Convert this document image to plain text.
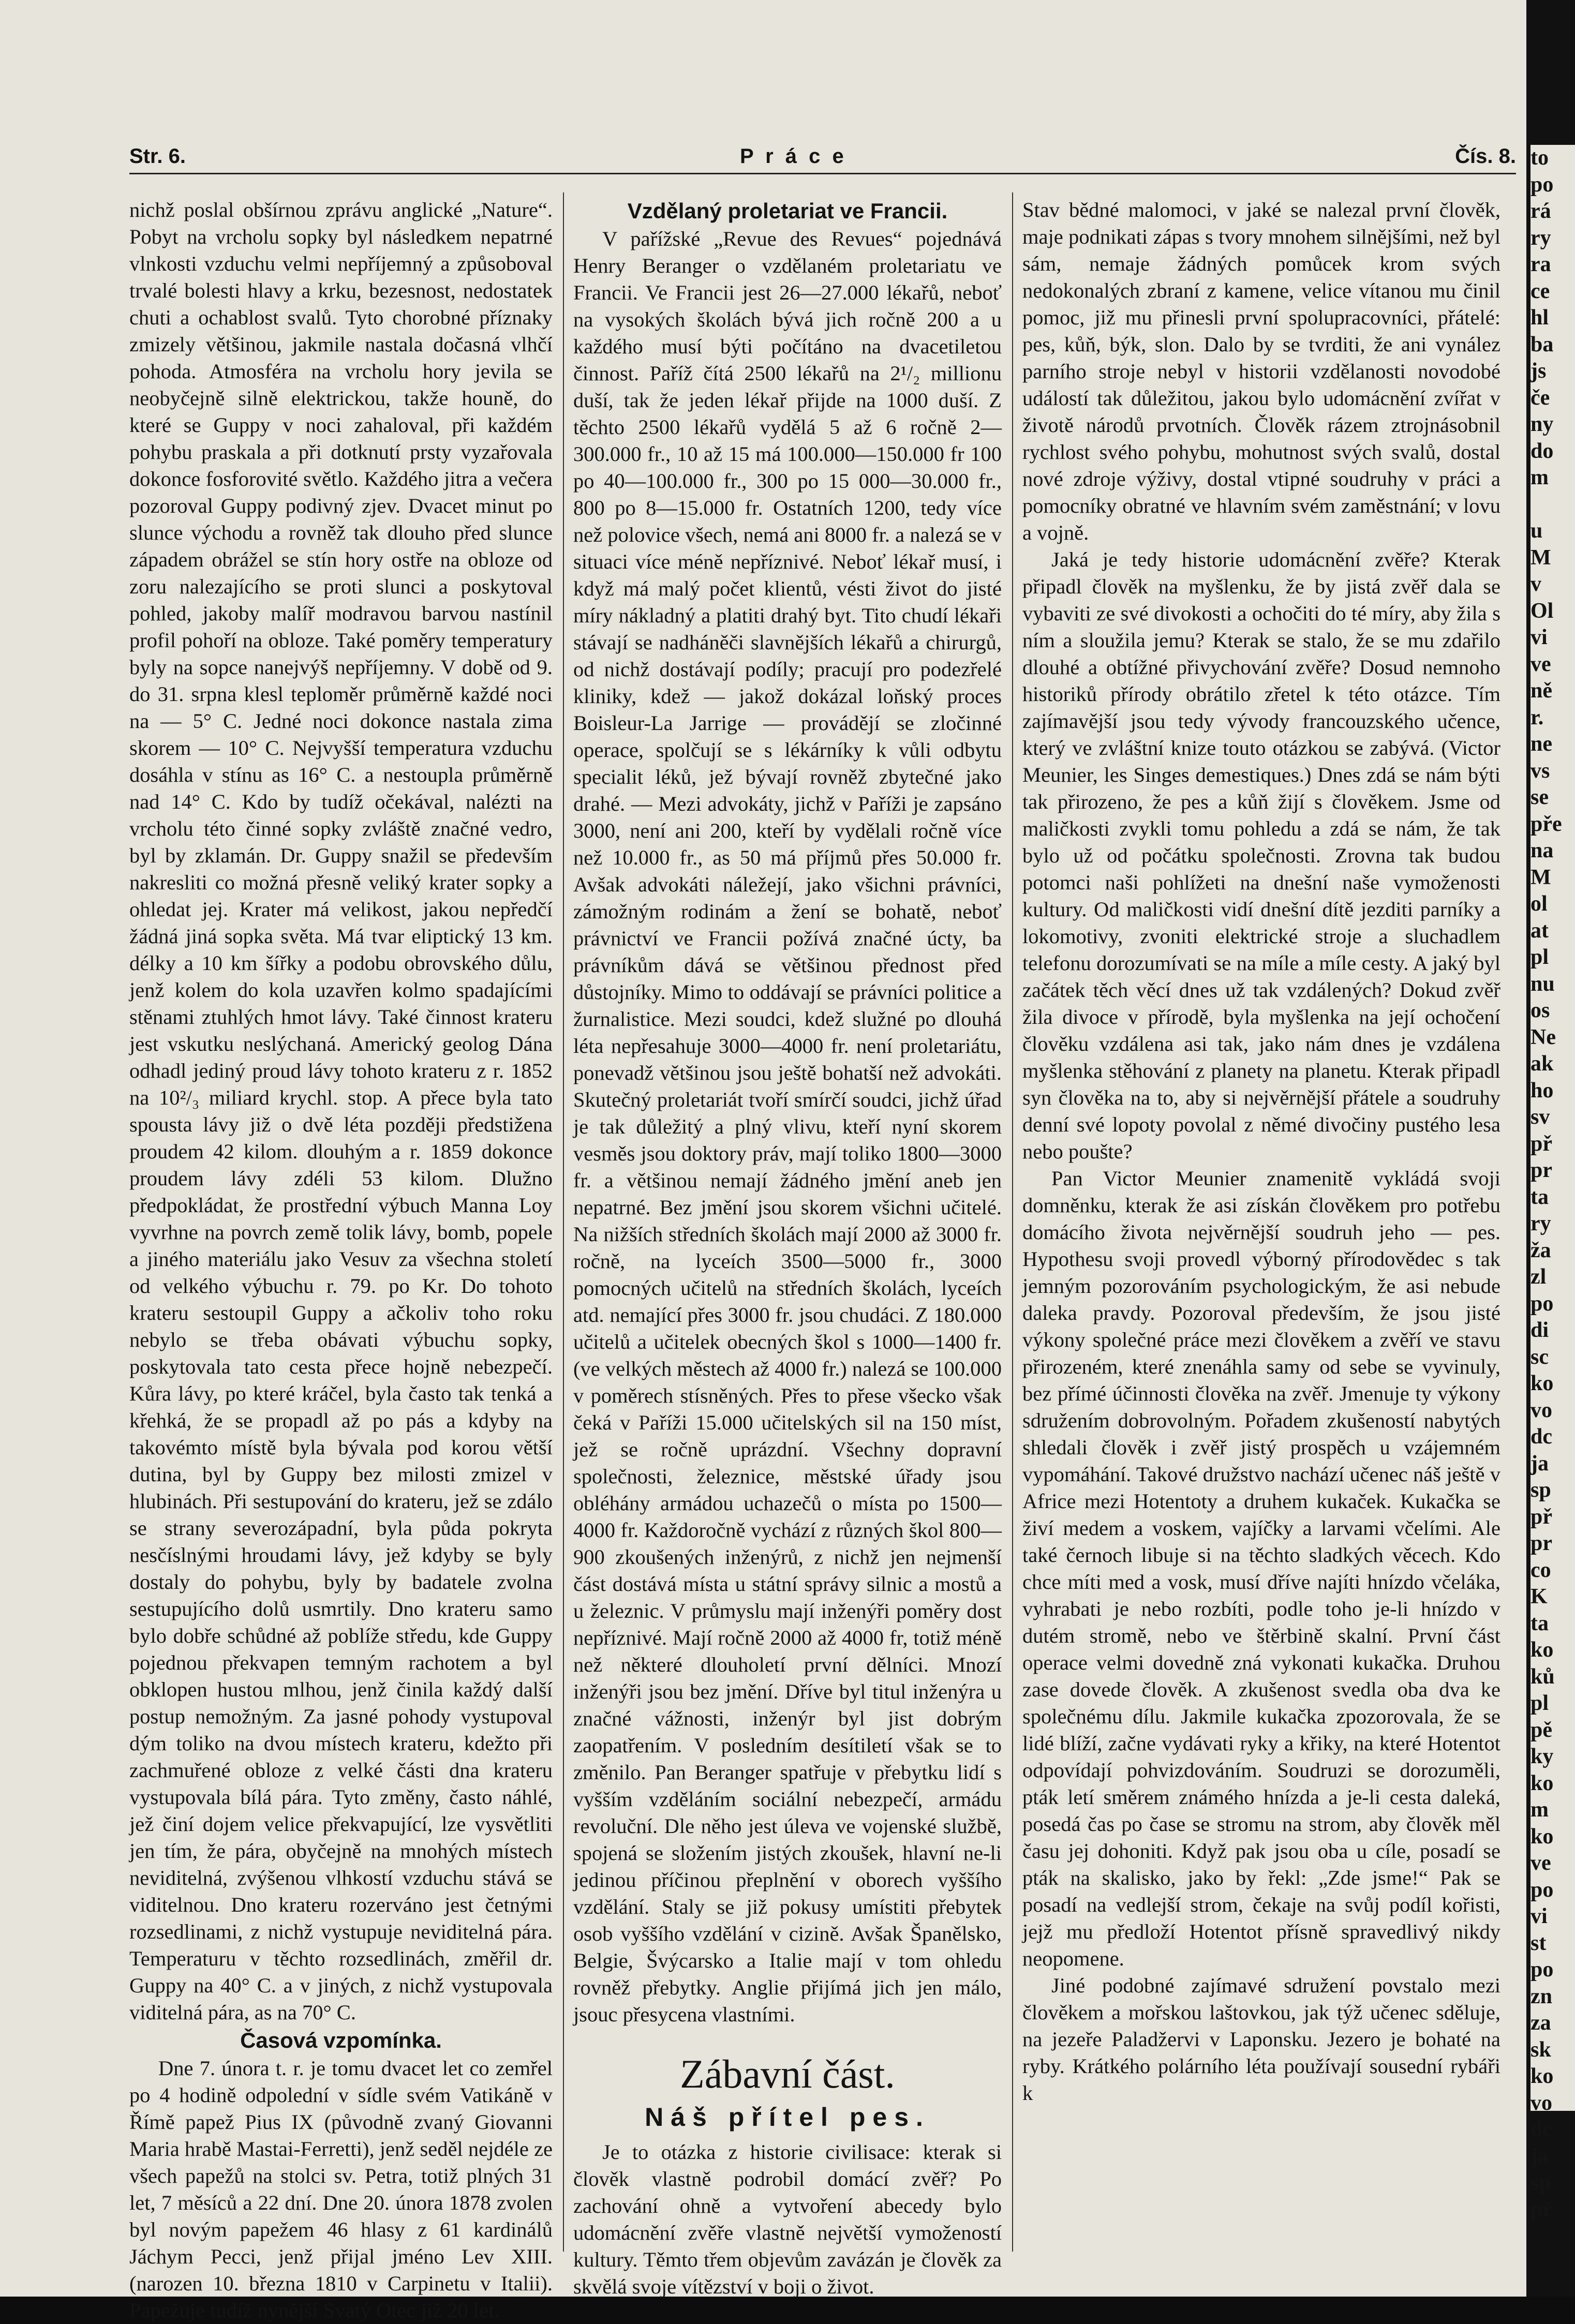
Str. 6.	P r á c e	Čís. 8.

nichž poslal obšírnou zprávu anglické „Nature“. Pobyt na vrcholu sopky byl následkem nepatrné vlnkosti vzduchu velmi nepříjemný a způsoboval trvalé bolesti hlavy a krku, bezesnost, nedostatek chuti a ochablost svalů. Tyto chorobné příznaky zmizely většinou, jakmile nastala dočasná vlhčí pohoda. Atmosféra na vrcholu hory jevila se neobyčejně silně elektrickou, takže houně, do které se Guppy v noci zahaloval, při každém pohybu praskala a při dotknutí prsty vyzařovala dokonce fosforovité světlo. Každého jitra a večera pozoroval Guppy podivný zjev. Dvacet minut po slunce východu a rovněž tak dlouho před slunce západem obrážel se stín hory ostře na obloze od zoru nalezajícího se proti slunci a poskytoval pohled, jakoby malíř modravou barvou nastínil profil pohoří na obloze. Také poměry temperatury byly na sopce nanejvýš nepříjemny. V době od 9. do 31. srpna klesl teploměr průměrně každé noci na — 5° C. Jedné noci dokonce nastala zima skorem — 10° C. Nejvyšší temperatura vzduchu dosáhla v stínu as 16° C. a nestoupla průměrně nad 14° C. Kdo by tudíž očekával, nalézti na vrcholu této činné sopky zvláště značné vedro, byl by zklamán. Dr. Guppy snažil se především nakresliti co možná přesně veliký krater sopky a ohledat jej. Krater má velikost, jakou nepředčí žádná jiná sopka světa. Má tvar eliptický 13 km. délky a 10 km šířky a podobu obrovského důlu, jenž kolem do kola uzavřen kolmo spadajícími stěnami ztuhlých hmot lávy. Také činnost krateru jest vskutku neslýchaná. Americký geolog Dána odhadl jediný proud lávy tohoto krateru z r. 1852 na 10²/₃ miliard krychl. stop. A přece byla tato spousta lávy již o dvě léta později předstižena proudem 42 kilom. dlouhým a r. 1859 dokonce proudem lávy zdéli 53 kilom. Dlužno předpokládat, že prostřední výbuch Manna Loy vyvrhne na povrch země tolik lávy, bomb, popele a jiného materiálu jako Vesuv za všechna století od velkého výbuchu r. 79. po Kr. Do tohoto krateru sestoupil Guppy a ačkoliv toho roku nebylo se třeba obávati výbuchu sopky, poskytovala tato cesta přece hojně nebezpečí. Kůra lávy, po které kráčel, byla často tak tenká a křehká, že se propadl až po pás a kdyby na takovémto místě byla bývala pod korou větší dutina, byl by Guppy bez milosti zmizel v hlubinách. Při sestupování do krateru, jež se zdálo se strany severozápadní, byla půda pokryta nesčíslnými hroudami lávy, jež kdyby se byly dostaly do pohybu, byly by badatele zvolna sestupujícího dolů usmrtily. Dno krateru samo bylo dobře schůdné až poblíže středu, kde Guppy pojednou překvapen temným rachotem a byl obklopen hustou mlhou, jenž činila každý další postup nemožným. Za jasné pohody vystupoval dým toliko na dvou místech krateru, kdežto při zachmuřené obloze z velké části dna krateru vystupovala bílá pára. Tyto změny, často náhlé, jež činí dojem velice překvapující, lze vysvětliti jen tím, že pára, obyčejně na mnohých místech neviditelná, zvýšenou vlhkostí vzduchu stává se viditelnou. Dno krateru rozerváno jest četnými rozsedlinami, z nichž vystupuje neviditelná pára. Temperaturu v těchto rozsedlinách, změřil dr. Guppy na 40° C. a v jiných, z nichž vystupovala viditelná pára, as na 70° C.

Časová vzpomínka.

Dne 7. února t. r. je tomu dvacet let co zemřel po 4 hodině odpolední v sídle svém Vatikáně v Římě papež Pius IX (původně zvaný Giovanni Maria hrabě Mastai-Ferretti), jenž seděl nejdéle ze všech papežů na stolci sv. Petra, totiž plných 31 let, 7 měsíců a 22 dní. Dne 20. února 1878 zvolen byl novým papežem 46 hlasy z 61 kardinálů Jáchym Pecci, jenž přijal jméno Lev XIII. (narozen 10. března 1810 v Carpinetu v Italii). Papežuje tudíž nynější Svatý Otec již 20 let.

Vzdělaný proletariat ve Francii.

V pařížské „Revue des Revues“ pojednává Henry Beranger o vzdělaném proletariatu ve Francii. Ve Francii jest 26—27.000 lékařů, neboť na vysokých školách bývá jich ročně 200 a u každého musí býti počítáno na dvacetiletou činnost. Paříž čítá 2500 lékařů na 2¹/₂ millionu duší, tak že jeden lékař přijde na 1000 duší. Z těchto 2500 lékařů vydělá 5 až 6 ročně 2—300.000 fr., 10 až 15 má 100.000—150.000 fr 100 po 40—100.000 fr., 300 po 15 000—30.000 fr., 800 po 8—15.000 fr. Ostatních 1200, tedy více než polovice všech, nemá ani 8000 fr. a nalezá se v situaci více méně nepříznivé. Neboť lékař musí, i když má malý počet klientů, vésti život do jisté míry nákladný a platiti drahý byt. Tito chudí lékaři stávají se nadháněči slavnějších lékařů a chirurgů, od nichž dostávají podíly; pracují pro podezřelé kliniky, kdež — jakož dokázal loňský proces Boisleur-La Jarrige — provádějí se zločinné operace, spolčují se s lékárníky k vůli odbytu specialit léků, jež bývají rovněž zbytečné jako drahé. — Mezi advokáty, jichž v Paříži je zapsáno 3000, není ani 200, kteří by vydělali ročně více než 10.000 fr., as 50 má příjmů přes 50.000 fr. Avšak advokáti náležejí, jako všichni právníci, zámožným rodinám a žení se bohatě, neboť právnictví ve Francii požívá značné úcty, ba právníkům dává se většinou přednost před důstojníky. Mimo to oddávají se právníci politice a žurnalistice. Mezi soudci, kdež služné po dlouhá léta nepřesahuje 3000—4000 fr. není proletariátu, ponevadž většinou jsou ještě bohatší než advokáti. Skutečný proletariát tvoří smírčí soudci, jichž úřad je tak důležitý a plný vlivu, kteří nyní skorem vesměs jsou doktory práv, mají toliko 1800—3000 fr. a většinou nemají žádného jmění aneb jen nepatrné. Bez jmění jsou skorem všichni učitelé. Na nižších středních školách mají 2000 až 3000 fr. ročně, na lyceích 3500—5000 fr., 3000 pomocných učitelů na středních školách, lyceích atd. nemající přes 3000 fr. jsou chudáci. Z 180.000 učitelů a učitelek obecných škol s 1000—1400 fr. (ve velkých městech až 4000 fr.) nalezá se 100.000 v poměrech stísněných. Přes to přese všecko však čeká v Paříži 15.000 učitelských sil na 150 míst, jež se ročně uprázdní. Všechny dopravní společnosti, železnice, městské úřady jsou obléhány armádou uchazečů o místa po 1500—4000 fr. Každoročně vychází z různých škol 800—900 zkoušených inženýrů, z nichž jen nejmenší část dostává místa u státní správy silnic a mostů a u železnic. V průmyslu mají inženýři poměry dost nepříznivé. Mají ročně 2000 až 4000 fr, totiž méně než některé dlouholetí první dělníci. Mnozí inženýři jsou bez jmění. Dříve byl titul inženýra u značné vážnosti, inženýr byl jist dobrým zaopatřením. V posledním desítiletí však se to změnilo. Pan Beranger spatřuje v přebytku lidí s vyšším vzděláním sociální nebezpečí, armádu revoluční. Dle něho jest úleva ve vojenské službě, spojená se složením jistých zkoušek, hlavní ne-li jedinou příčinou přeplnění v oborech vyššího vzdělání. Staly se již pokusy umístiti přebytek osob vyššího vzdělání v cizině. Avšak Španělsko, Belgie, Švýcarsko a Italie mají v tom ohledu rovněž přebytky. Anglie přijímá jich jen málo, jsouc přesycena vlastními.

Zábavní část.
Náš přítel pes.

Je to otázka z historie civilisace: kterak si člověk vlastně podrobil domácí zvěř? Po zachování ohně a vytvoření abecedy bylo udomácnění zvěře vlastně největší vymožeností kultury. Těmto třem objevům zavázán je člověk za skvělá svoje vítězství v boji o život.

Stav bědné malomoci, v jaké se nalezal první člověk, maje podnikati zápas s tvory mnohem silnějšími, než byl sám, nemaje žádných pomůcek krom svých nedokonalých zbraní z kamene, velice vítanou mu činil pomoc, již mu přinesli první spolupracovníci, přátelé: pes, kůň, býk, slon. Dalo by se tvrditi, že ani vynález parního stroje nebyl v historii vzdělanosti novodobé událostí tak důležitou, jakou bylo udomácnění zvířat v životě národů prvotních. Člověk rázem ztrojnásobnil rychlost svého pohybu, mohutnost svých svalů, dostal nové zdroje výživy, dostal vtipné soudruhy v práci a pomocníky obratné ve hlavním svém zaměstnání; v lovu a vojně.

Jaká je tedy historie udomácnění zvěře? Kterak připadl člověk na myšlenku, že by jistá zvěř dala se vybaviti ze své divokosti a ochočiti do té míry, aby žila s ním a sloužila jemu? Kterak se stalo, že se mu zdařilo dlouhé a obtížné přivychování zvěře? Dosud nemnoho historiků přírody obrátilo zřetel k této otázce. Tím zajímavější jsou tedy vývody francouzského učence, který ve zvláštní knize touto otázkou se zabývá. (Victor Meunier, les Singes demestiques.) Dnes zdá se nám býti tak přirozeno, že pes a kůň žijí s člověkem. Jsme od maličkosti zvykli tomu pohledu a zdá se nám, že tak bylo už od počátku společnosti. Zrovna tak budou potomci naši pohlížeti na dnešní naše vymoženosti kultury. Od maličkosti vidí dnešní dítě jezditi parníky a lokomotivy, zvoniti elektrické stroje a sluchadlem telefonu dorozumívati se na míle a míle cesty. A jaký byl začátek těch věcí dnes už tak vzdálených? Dokud zvěř žila divoce v přírodě, byla myšlenka na její ochočení člověku vzdálena asi tak, jako nám dnes je vzdálena myšlenka stěhování z planety na planetu. Kterak připadl syn člověka na to, aby si nejvěrnější přátele a soudruhy denní své lopoty povolal z němé divočiny pustého lesa nebo poušte?

Pan Victor Meunier znamenitě vykládá svoji domněnku, kterak že asi získán člověkem pro potřebu domácího života nejvěrnější soudruh jeho — pes. Hypothesu svoji provedl výborný přírodovědec s tak jemným pozorováním psychologickým, že asi nebude daleka pravdy. Pozoroval především, že jsou jisté výkony společné práce mezi člověkem a zvěří ve stavu přirozeném, které znenáhla samy od sebe se vyvinuly, bez přímé účinnosti člověka na zvěř. Jmenuje ty výkony sdružením dobrovolným. Pořadem zkušeností nabytých shledali člověk i zvěř jistý prospěch u vzájemném vypomáhání. Takové družstvo nachází učenec náš ještě v Africe mezi Hotentoty a druhem kukaček. Kukačka se živí medem a voskem, vajíčky a larvami včelími. Ale také černoch libuje si na těchto sladkých věcech. Kdo chce míti med a vosk, musí dříve najíti hnízdo včeláka, vyhrabati je nebo rozbíti, podle toho je-li hnízdo v dutém stromě, nebo ve štěrbině skalní. První část operace velmi dovedně zná vykonati kukačka. Druhou zase dovede člověk. A zkušenost svedla oba dva ke společnému dílu. Jakmile kukačka zpozorovala, že se lidé blíží, začne vydávati ryky a křiky, na které Hotentot odpovídají pohvizdováním. Soudruzi se dorozuměli, pták letí směrem známého hnízda a je-li cesta daleká, posedá čas po čase se stromu na strom, aby člověk měl času jej dohoniti. Když pak jsou oba u cíle, posadí se pták na skalisko, jako by řekl: „Zde jsme!“ Pak se posadí na vedlejší strom, čekaje na svůj podíl kořisti, jejž mu předloží Hotentot přísně spravedlivý nikdy neopomene.

Jiné podobné zajímavé sdružení povstalo mezi člověkem a mořskou laštovkou, jak týž učenec sděluje, na jezeře Paladžervi v Laponsku. Jezero je bohaté na ryby. Krátkého polárního léta používají sousední rybáři k

to
po
rá
ry
ra
ce
hl
ba
js
če
ny
do
m

u
M
v
Ol
vi
ve
ně
r.
ne
vs
se
pře
na
M
ol
at
pl
nu
os
Ne
ak
ho
sv
př
pr
ta
ry
ža
zl
po
di
sc
ko
vo
dc
ja
sp
př
pr
co
K
ta
ko
ků
pl
pě
ky
ko
m
ko
ve
po
vi
st
po
zn
za
sk
ko
vo
dc
ja
sp
př
